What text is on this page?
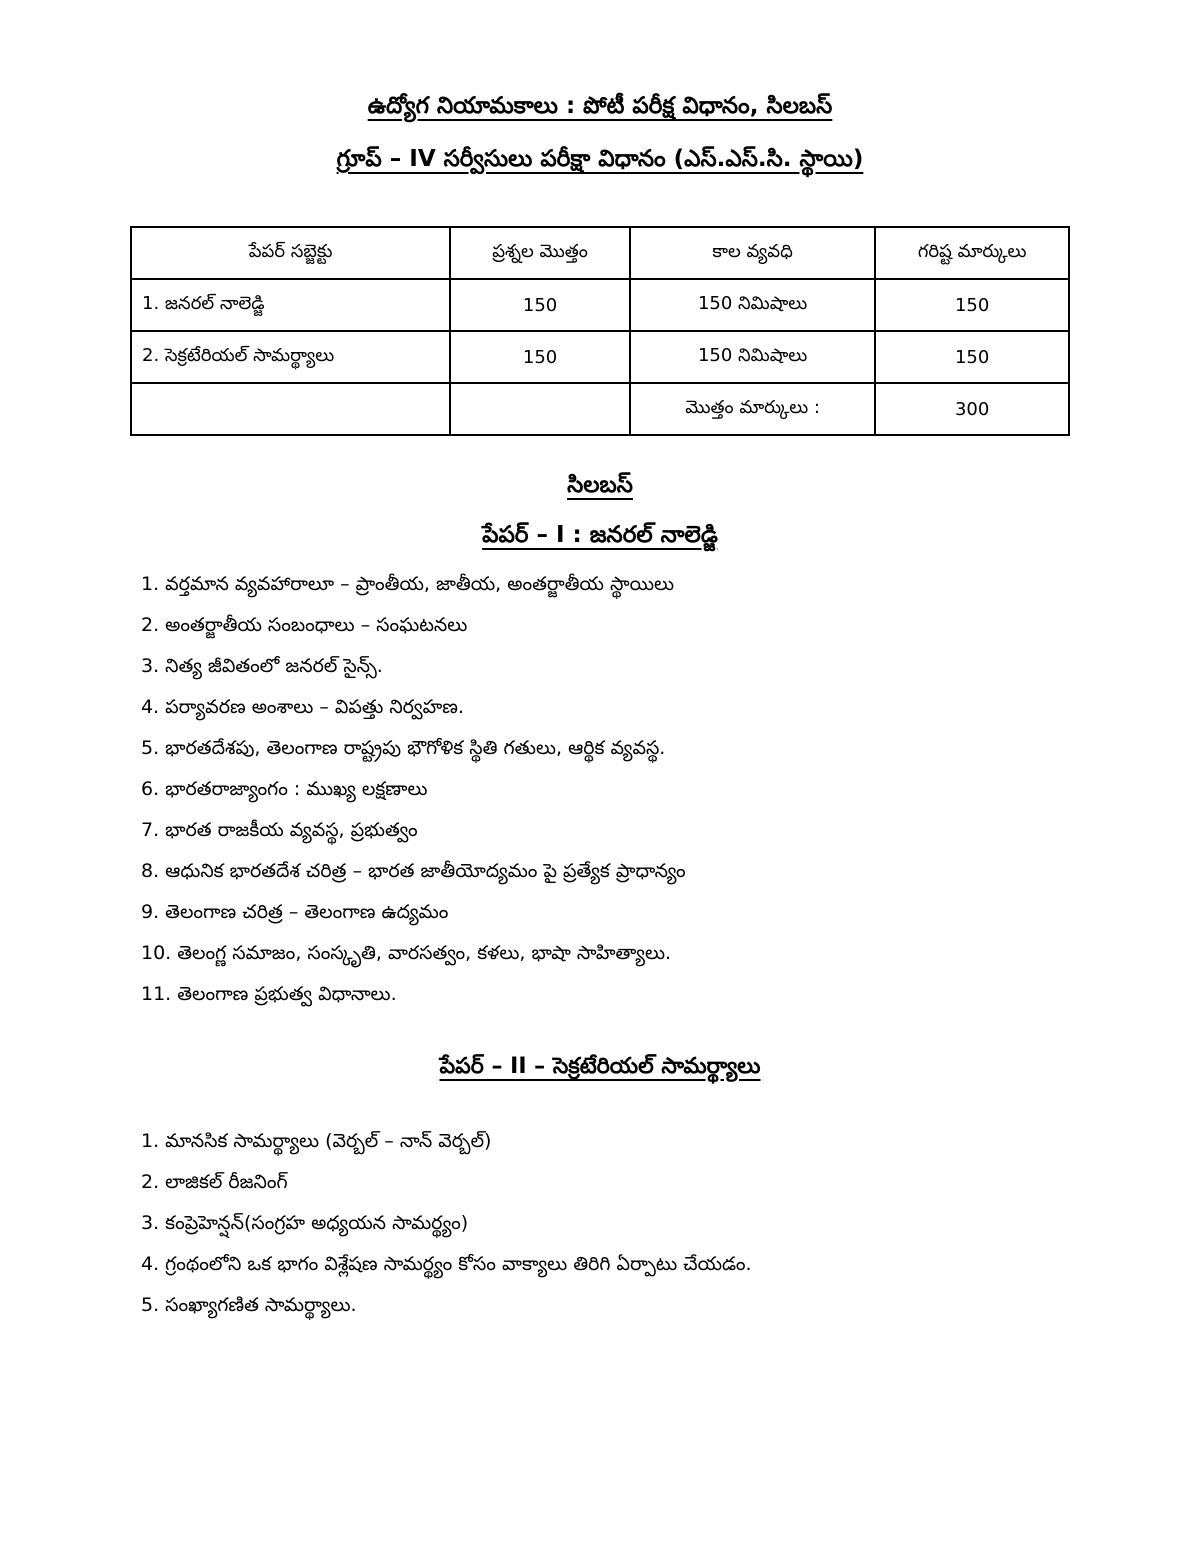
ఉద్యోగ నియామకాలు : పోటీ పరీక్ష విధానం, సిలబస్
గ్రూప్ – IV సర్వీసులు పరీక్షా విధానం (ఎస్.ఎస్.సి. స్థాయి)
పేపర్ సబ్జెక్టు	ప్రశ్నల మొత్తం	కాల వ్యవధి	గరిష్ట మార్కులు
1. జనరల్ నాలెడ్జి	150	150 నిమిషాలు	150
2. సెక్రటేరియల్ సామర్థ్యాలు	150	150 నిమిషాలు	150
		మొత్తం మార్కులు :	300
సిలబస్
పేపర్ – I : జనరల్ నాలెడ్జి
1. వర్తమాన వ్యవహారాలూ – ప్రాంతీయ, జాతీయ, అంతర్జాతీయ స్థాయిలు
2. అంతర్జాతీయ సంబంధాలు – సంఘటనలు
3. నిత్య జీవితంలో జనరల్ సైన్స్.
4. పర్యావరణ అంశాలు – విపత్తు నిర్వహణ.
5. భారతదేశపు, తెలంగాణ రాష్ట్రపు భౌగోళిక స్థితి గతులు, ఆర్థిక వ్యవస్థ.
6. భారతరాజ్యాంగం : ముఖ్య లక్షణాలు
7. భారత రాజకీయ వ్యవస్థ, ప్రభుత్వం
8. ఆధునిక భారతదేశ చరిత్ర – భారత జాతీయోద్యమం పై ప్రత్యేక ప్రాధాన్యం
9. తెలంగాణ చరిత్ర – తెలంగాణ ఉద్యమం
10. తెలంగ్ణ సమాజం, సంస్కృతి, వారసత్వం, కళలు, భాషా సాహిత్యాలు.
11. తెలంగాణ ప్రభుత్వ విధానాలు.
పేపర్ – II – సెక్రటేరియల్ సామర్థ్యాలు
1. మానసిక సామర్థ్యాలు (వెర్బల్ – నాన్ వెర్బల్)
2. లాజికల్ రీజనింగ్
3. కంప్రెహెన్షన్(సంగ్రహ అధ్యయన సామర్థ్యం)
4. గ్రంథంలోని ఒక భాగం విశ్లేషణ సామర్థ్యం కోసం వాక్యాలు తిరిగి ఏర్పాటు చేయడం.
5. సంఖ్యాగణిత సామర్థ్యాలు.
